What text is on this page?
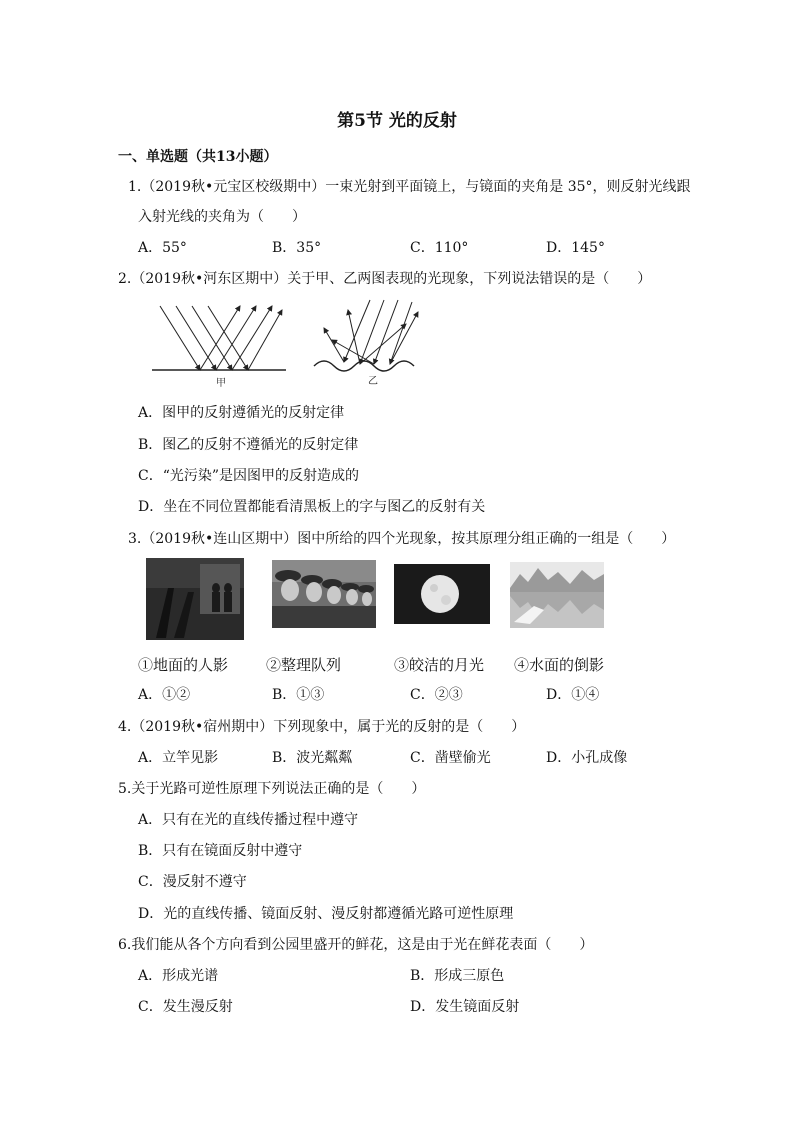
第5节 光的反射
一、单选题（共13小题）
1.（2019秋•元宝区校级期中）一束光射到平面镜上，与镜面的夹角是 35°，则反射光线跟
入射光线的夹角为（　　）
A．55°	B．35°	C．110°	D．145°
2.（2019秋•河东区期中）关于甲、乙两图表现的光现象，下列说法错误的是（　　）
甲	乙
A．图甲的反射遵循光的反射定律
B．图乙的反射不遵循光的反射定律
C．“光污染”是因图甲的反射造成的
D．坐在不同位置都能看清黑板上的字与图乙的反射有关
3.（2019秋•连山区期中）图中所给的四个光现象，按其原理分组正确的一组是（　　）
①地面的人影	②整理队列	③皎洁的月光 ④水面的倒影
A．①②	B．①③	C．②③	D．①④
4.（2019秋•宿州期中）下列现象中，属于光的反射的是（　　）
A．立竿见影	B．波光粼粼	C．凿壁偷光	D．小孔成像
5.关于光路可逆性原理下列说法正确的是（　　）
A．只有在光的直线传播过程中遵守
B．只有在镜面反射中遵守
C．漫反射不遵守
D．光的直线传播、镜面反射、漫反射都遵循光路可逆性原理
6.我们能从各个方向看到公园里盛开的鲜花，这是由于光在鲜花表面（　　）
A．形成光谱	B．形成三原色
C．发生漫反射	D．发生镜面反射
